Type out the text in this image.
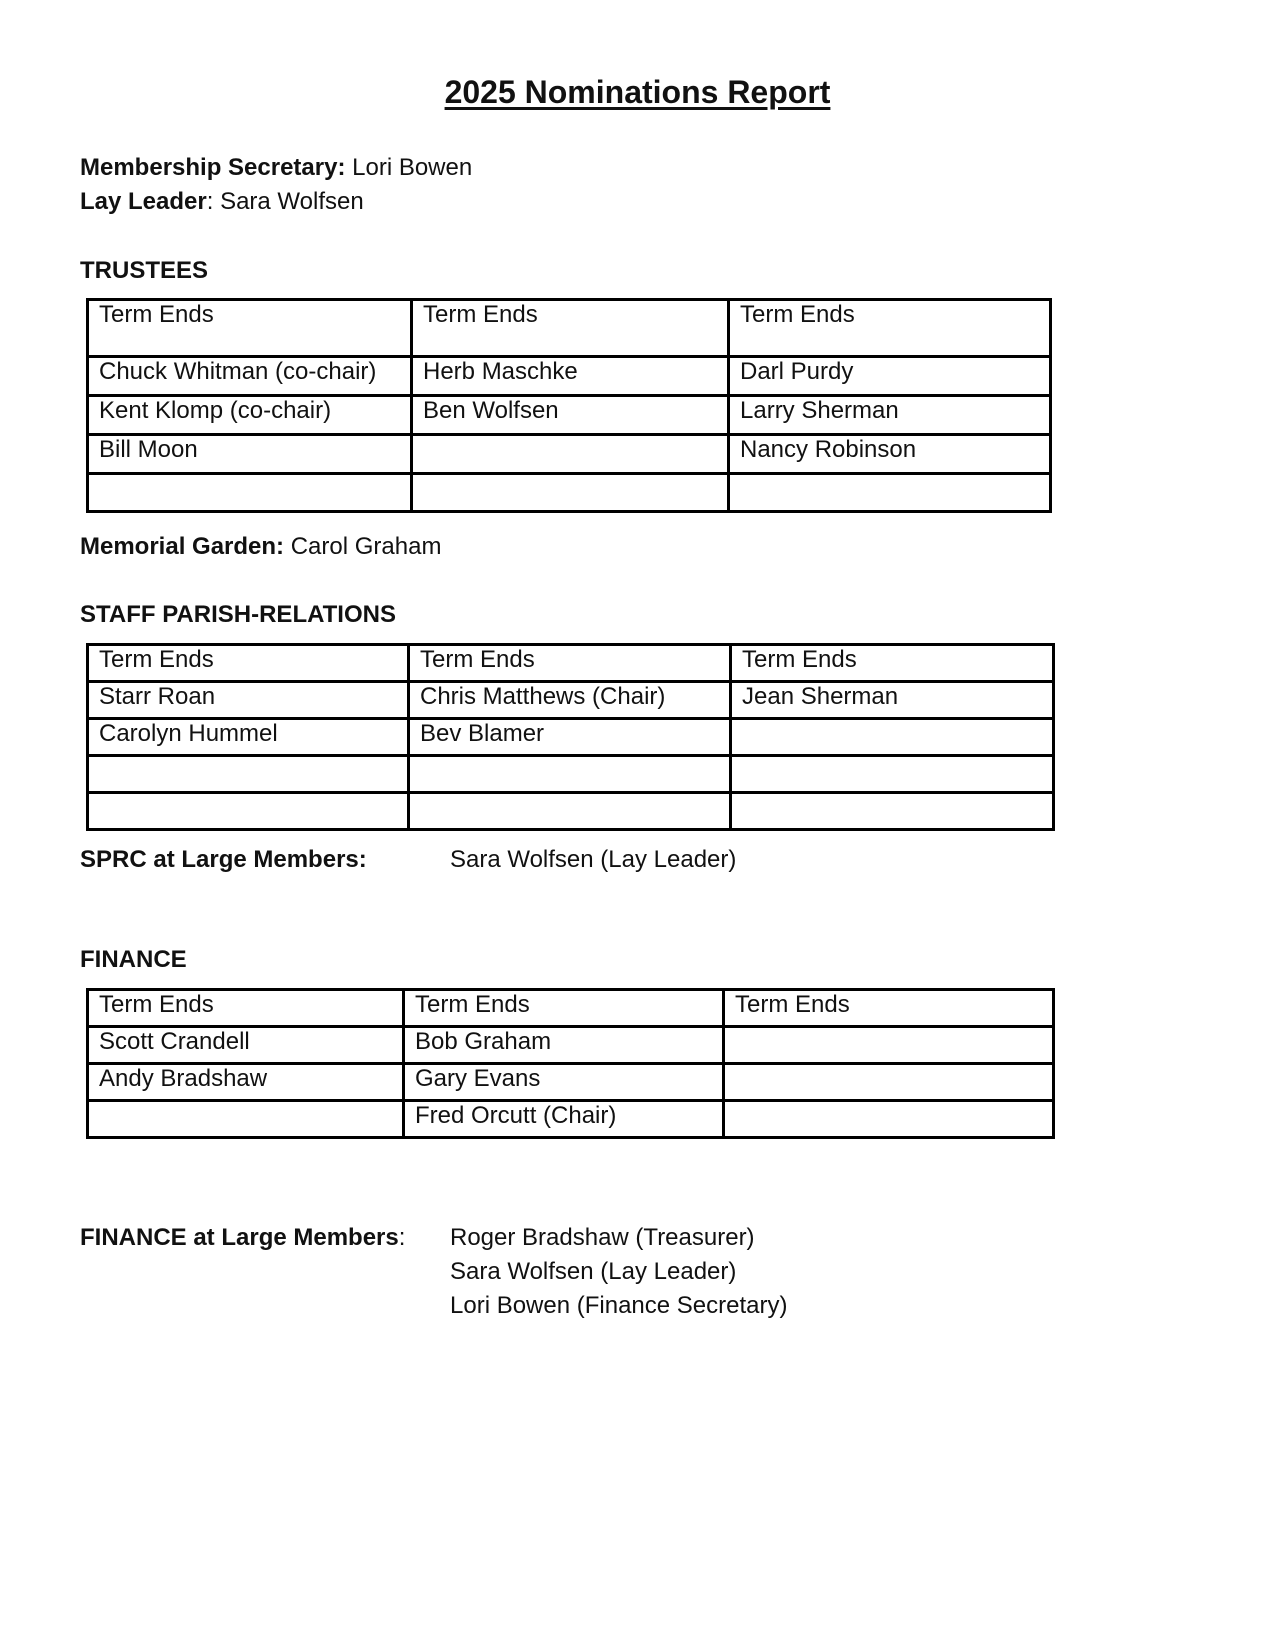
2025 Nominations Report
Membership Secretary: Lori Bowen
Lay Leader: Sara Wolfsen
TRUSTEES
Term Ends	Term Ends	Term Ends
Chuck Whitman (co-chair)	Herb Maschke	Darl Purdy
Kent Klomp (co-chair)	Ben Wolfsen	Larry Sherman
Bill Moon		Nancy Robinson

Memorial Garden: Carol Graham
STAFF PARISH-RELATIONS
Term Ends	Term Ends	Term Ends
Starr Roan	Chris Matthews (Chair)	Jean Sherman
Carolyn Hummel	Bev Blamer	

SPRC at Large Members:	Sara Wolfsen (Lay Leader)
FINANCE
Term Ends	Term Ends	Term Ends
Scott Crandell	Bob Graham	
Andy Bradshaw	Gary Evans	
	Fred Orcutt (Chair)	
FINANCE at Large Members: Roger Bradshaw (Treasurer)
Sara Wolfsen (Lay Leader)
Lori Bowen (Finance Secretary)
